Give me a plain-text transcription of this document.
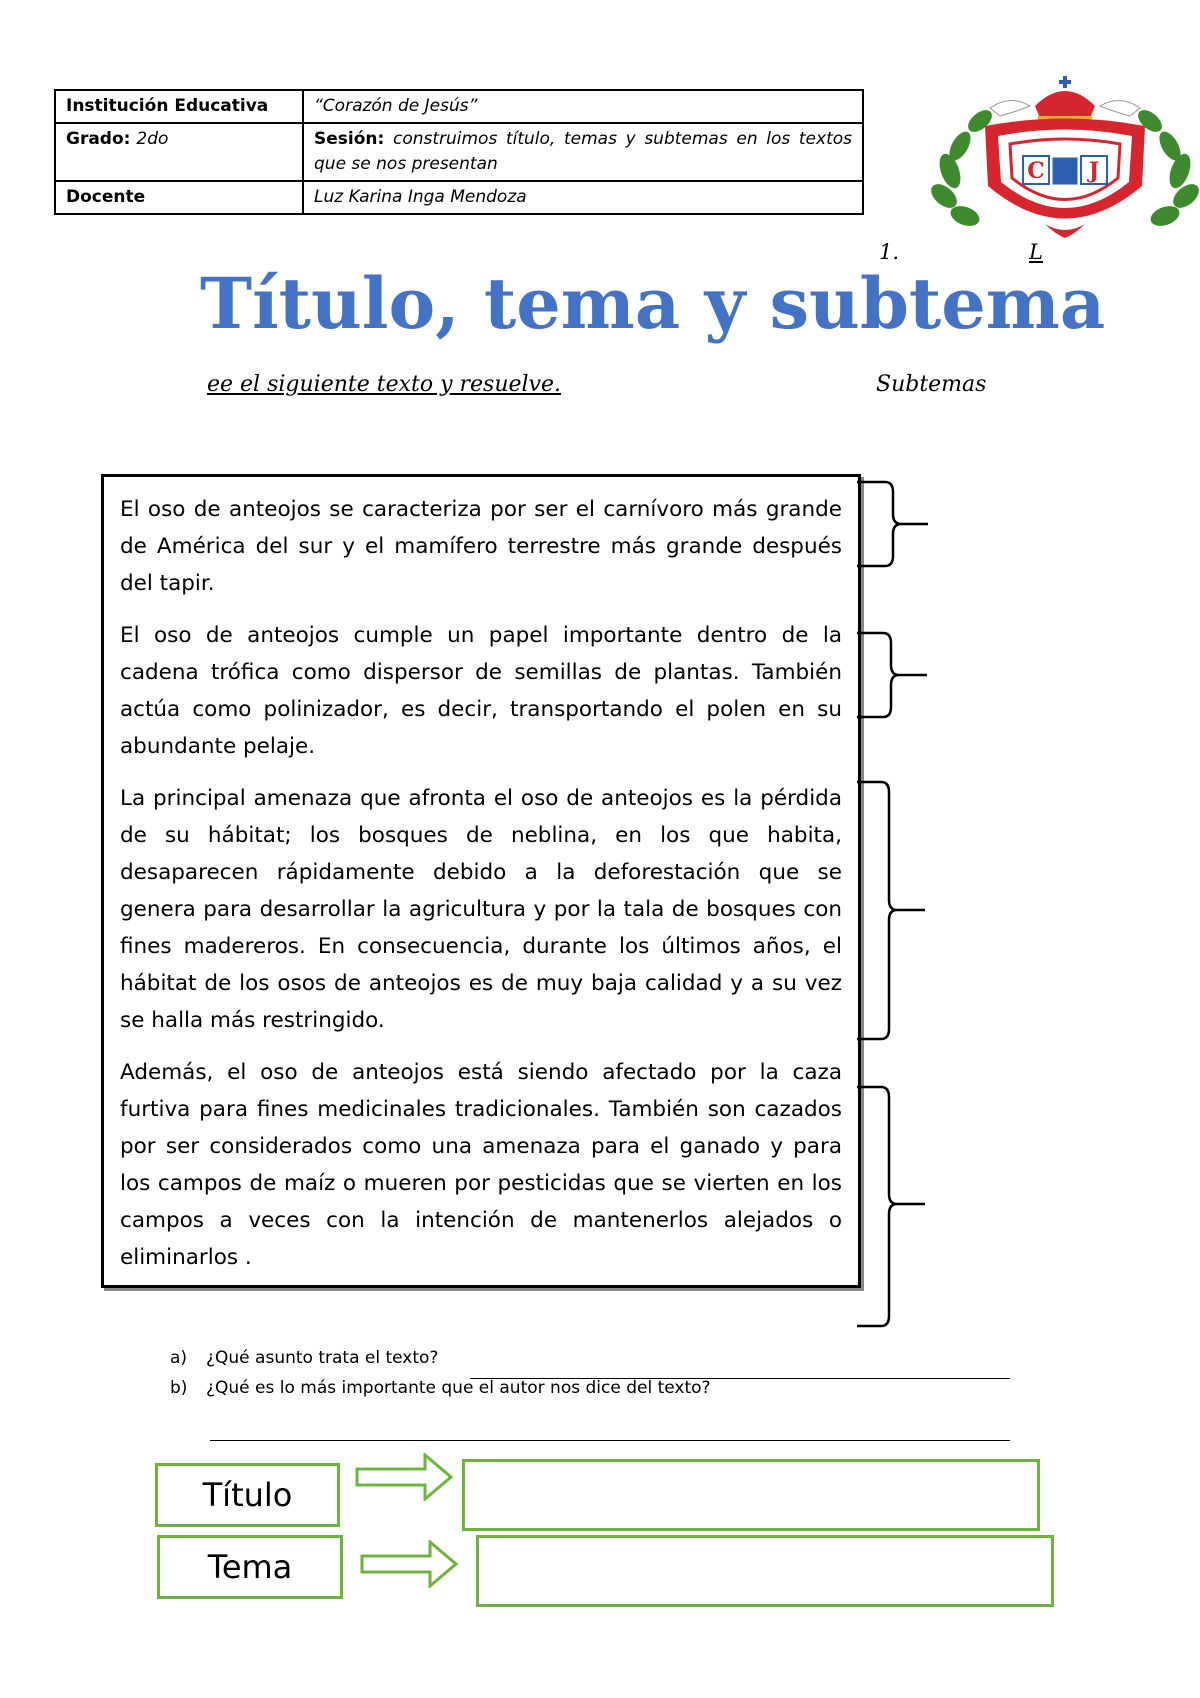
Institución Educativa	“Corazón de Jesús”
Grado: 2do	Sesión: construimos título, temas y subtemas en los textos que se nos presentan
Docente	Luz Karina Inga Mendoza
C J
1.	L
Título, tema y subtema
ee el siguiente texto y resuelve.	Subtemas

El oso de anteojos se caracteriza por ser el carnívoro más grande de América del sur y el mamífero terrestre más grande después del tapir.

El oso de anteojos cumple un papel importante dentro de la cadena trófica como dispersor de semillas de plantas. También actúa como polinizador, es decir, transportando el polen en su abundante pelaje.

La principal amenaza que afronta el oso de anteojos es la pérdida de su hábitat; los bosques de neblina, en los que habita, desaparecen rápidamente debido a la deforestación que se genera para desarrollar la agricultura y por la tala de bosques con fines madereros. En consecuencia, durante los últimos años, el hábitat de los osos de anteojos es de muy baja calidad y a su vez se halla más restringido.

Además, el oso de anteojos está siendo afectado por la caza furtiva para fines medicinales tradicionales. También son cazados por ser considerados como una amenaza para el ganado y para los campos de maíz o mueren por pesticidas que se vierten en los campos a veces con la intención de mantenerlos alejados o eliminarlos .

a)	¿Qué asunto trata el texto?
b)	¿Qué es lo más importante que el autor nos dice del texto?
Título
Tema
